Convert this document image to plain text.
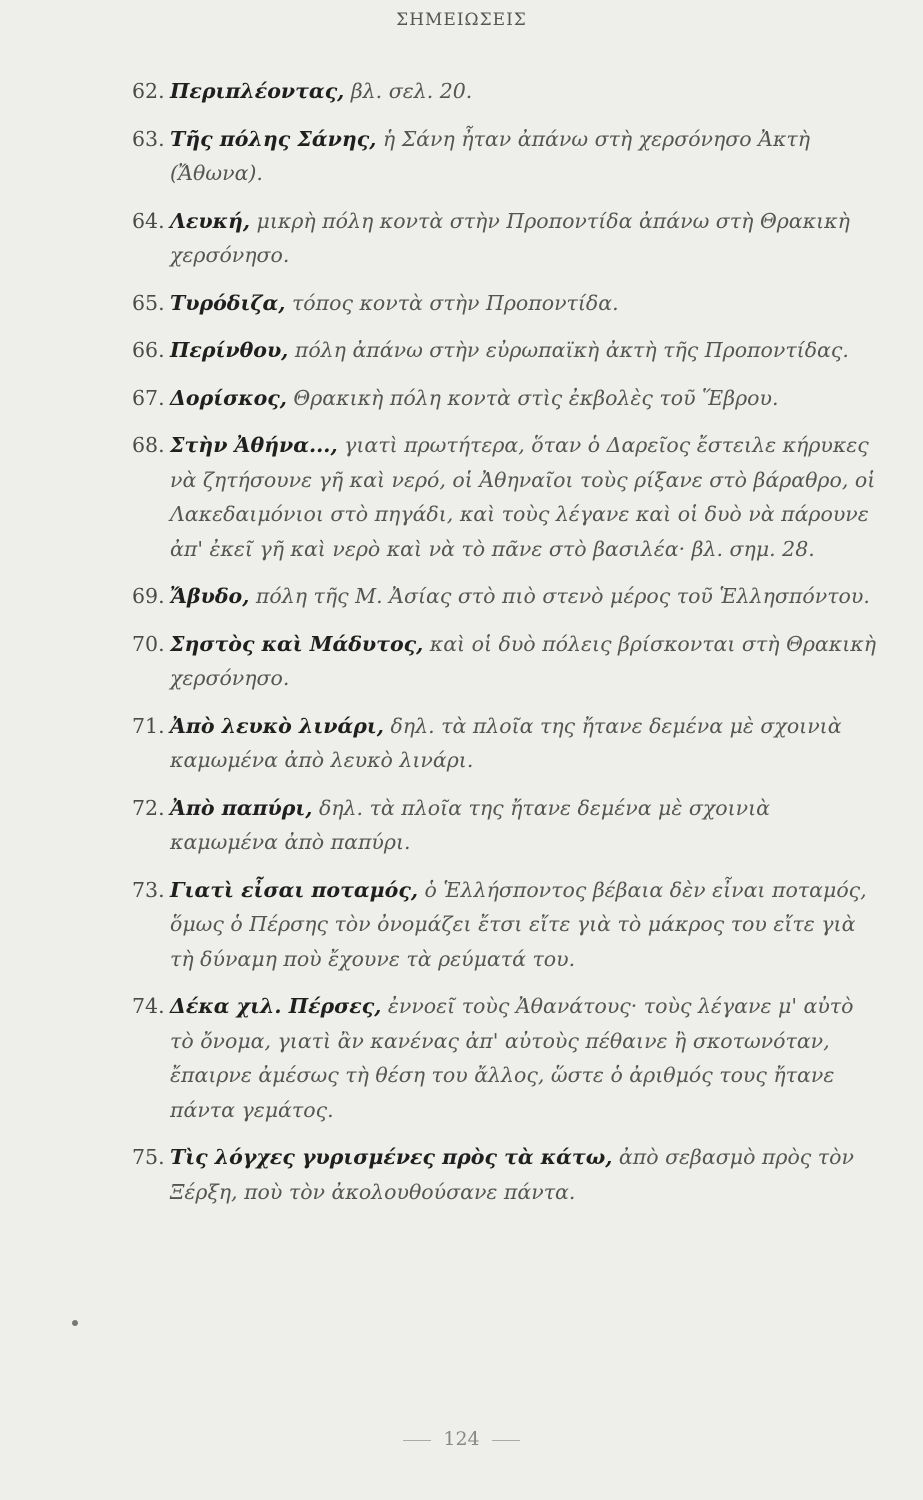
ΣΗΜΕΙΩΣΕΙΣ
62. Περιπλέοντας, βλ. σελ. 20.
63. Τῆς πόλης Σάνης, ἡ Σάνη ἦταν ἀπάνω στὴ χερσόνησο Ἀκτὴ (Ἄθωνα).
64. Λευκή, μικρὴ πόλη κοντὰ στὴν Προποντίδα ἀπάνω στὴ Θρακικὴ χερσόνησο.
65. Τυρόδιζα, τόπος κοντὰ στὴν Προποντίδα.
66. Περίνθου, πόλη ἀπάνω στὴν εὐρωπαϊκὴ ἀκτὴ τῆς Προποντίδας.
67. Δορίσκος, Θρακικὴ πόλη κοντὰ στὶς ἐκβολὲς τοῦ Ἕβρου.
68. Στὴν Ἀθήνα..., γιατὶ πρωτήτερα, ὅταν ὁ Δαρεῖος ἔστειλε κήρυκες νὰ ζητήσουνε γῆ καὶ νερό, οἱ Ἀθηναῖοι τοὺς ρίξανε στὸ βάραθρο, οἱ Λακεδαιμόνιοι στὸ πηγάδι, καὶ τοὺς λέγανε καὶ οἱ δυὸ νὰ πάρουνε ἀπ' ἐκεῖ γῆ καὶ νερὸ καὶ νὰ τὸ πᾶνε στὸ βασιλέα· βλ. σημ. 28.
69. Ἄβυδο, πόλη τῆς Μ. Ἀσίας στὸ πιὸ στενὸ μέρος τοῦ Ἑλλησπόντου.
70. Σηστὸς καὶ Μάδυτος, καὶ οἱ δυὸ πόλεις βρίσκονται στὴ Θρακικὴ χερσόνησο.
71. Ἀπὸ λευκὸ λινάρι, δηλ. τὰ πλοῖα της ἤτανε δεμένα μὲ σχοινιὰ καμωμένα ἀπὸ λευκὸ λινάρι.
72. Ἀπὸ παπύρι, δηλ. τὰ πλοῖα της ἤτανε δεμένα μὲ σχοινιὰ καμωμένα ἀπὸ παπύρι.
73. Γιατὶ εἶσαι ποταμός, ὁ Ἑλλήσποντος βέβαια δὲν εἶναι ποταμός, ὅμως ὁ Πέρσης τὸν ὀνομάζει ἔτσι εἴτε γιὰ τὸ μάκρος του εἴτε γιὰ τὴ δύναμη ποὺ ἔχουνε τὰ ρεύματά του.
74. Δέκα χιλ. Πέρσες, ἐννοεῖ τοὺς Ἀθανάτους· τοὺς λέγανε μ' αὐτὸ τὸ ὄνομα, γιατὶ ἂν κανένας ἀπ' αὐτοὺς πέθαινε ἢ σκοτωνόταν, ἔπαιρνε ἀμέσως τὴ θέση του ἄλλος, ὥστε ὁ ἀριθμός τους ἤτανε πάντα γεμάτος.
75. Τὶς λόγχες γυρισμένες πρὸς τὰ κάτω, ἀπὸ σεβασμὸ πρὸς τὸν Ξέρξη, ποὺ τὸν ἀκολουθούσανε πάντα.
124
